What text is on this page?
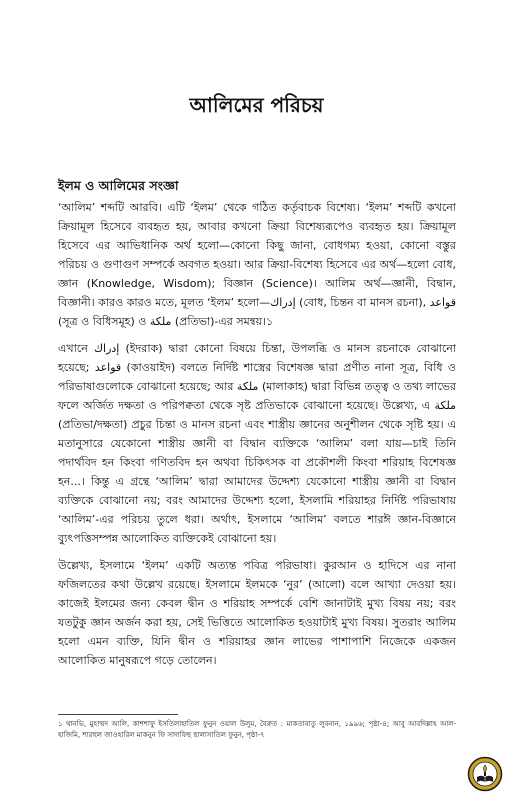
আলিমের পরিচয়
ইলম ও আলিমের সংজ্ঞা

‘আলিম’ শব্দটি আরবি। এটি ‘ইলম’ থেকে গঠিত কর্তৃবাচক বিশেষ্য। ‘ইলম’ শব্দটি কখনো ক্রিয়ামূল হিসেবে ব্যবহৃত হয়, আবার কখনো ক্রিয়া বিশেষ্যরূপেও ব্যবহৃত হয়। ক্রিয়ামূল হিসেবে এর আভিধানিক অর্থ হলো—কোনো কিছু জানা, বোধগম্য হওয়া, কোনো বস্তুর পরিচয় ও গুণাগুণ সম্পর্কে অবগত হওয়া। আর ক্রিয়া-বিশেষ্য হিসেবে এর অর্থ—হলো বোধ, জ্ঞান (Knowledge, Wisdom); বিজ্ঞান (Science)। আলিম অর্থ—জ্ঞানী, বিদ্বান, বিজ্ঞানী। কারও কারও মতে, মূলত ‘ইলম’ হলো—إدراك (বোধ, চিন্তন বা মানস রচনা), قواعد (সূত্র ও বিধিসমূহ) ও ملكة (প্রতিভা)-এর সমন্বয়।১

এখানে إدراك (ইদরাক) দ্বারা কোনো বিষয়ে চিন্তা, উপলব্ধি ও মানস রচনাকে বোঝানো হয়েছে; قواعد (কাওয়াইদ) বলতে নির্দিষ্ট শাস্ত্রের বিশেষজ্ঞ দ্বারা প্রণীত নানা সূত্র, বিধি ও পরিভাষাগুলোকে বোঝানো হয়েছে; আর ملكة (মালাকাহ) দ্বারা বিভিন্ন তত্ত্ব ও তথ্য লাভের ফলে অর্জিত দক্ষতা ও পরিপক্বতা থেকে সৃষ্ট প্রতিভাকে বোঝানো হয়েছে। উল্লেখ্য, এ ملكة (প্রতিভা/দক্ষতা) প্রচুর চিন্তা ও মানস রচনা এবং শাস্ত্রীয় জ্ঞানের অনুশীলন থেকে সৃষ্টি হয়। এ মতানুসারে যেকোনো শাস্ত্রীয় জ্ঞানী বা বিদ্বান ব্যক্তিকে ‘আলিম’ বলা যায়—চাই তিনি পদার্থবিদ হন কিংবা গণিতবিদ হন অথবা চিকিৎসক বা প্রকৌশলী কিংবা শরিয়াহ বিশেষজ্ঞ হন...। কিন্তু এ গ্রন্থে ‘আলিম’ দ্বারা আমাদের উদ্দেশ্য যেকোনো শাস্ত্রীয় জ্ঞানী বা বিদ্বান ব্যক্তিকে বোঝানো নয়; বরং আমাদের উদ্দেশ্য হলো, ইসলামি শরিয়াহর নির্দিষ্ট পরিভাষায় ‘আলিম’-এর পরিচয় তুলে ধরা। অর্থাৎ, ইসলামে ‘আলিম’ বলতে শারঈ জ্ঞান-বিজ্ঞানে ব্যুৎপত্তিসম্পন্ন আলোকিত ব্যক্তিকেই বোঝানো হয়।

উল্লেখ্য, ইসলামে ‘ইলম’ একটি অত্যন্ত পবিত্র পরিভাষা। কুরআন ও হাদিসে এর নানা ফজিলতের কথা উল্লেখ রয়েছে। ইসলামে ইলমকে ‘নুর’ (আলো) বলে আখ্যা দেওয়া হয়। কাজেই ইলমের জন্য কেবল দ্বীন ও শরিয়াহ সম্পর্কে বেশি জানাটাই মুখ্য বিষয় নয়; বরং যতটুকু জ্ঞান অর্জন করা হয়, সেই ভিত্তিতে আলোকিত হওয়াটাই মুখ্য বিষয়। সুতরাং আলিম হলো এমন ব্যক্তি, যিনি দ্বীন ও শরিয়াহর জ্ঞান লাভের পাশাপাশি নিজেকে একজন আলোকিত মানুষরূপে গড়ে তোলেন।

১ থানভি, মুহাম্মদ আলি, কাশশাফু ইসতিলাহাতিল ফুনুন ওয়াল উলুম, বৈরুত : মাকতাবাতু লুবনান, ১৯৯৬; পৃষ্ঠা-৪; আবু আবদিল্লাহ আল-হাজিমি, শারহুল জাওহারিল মাকনুন ফি সাদাফিছ ছালাসাতিল ফুনুন, পৃষ্ঠা-৭
